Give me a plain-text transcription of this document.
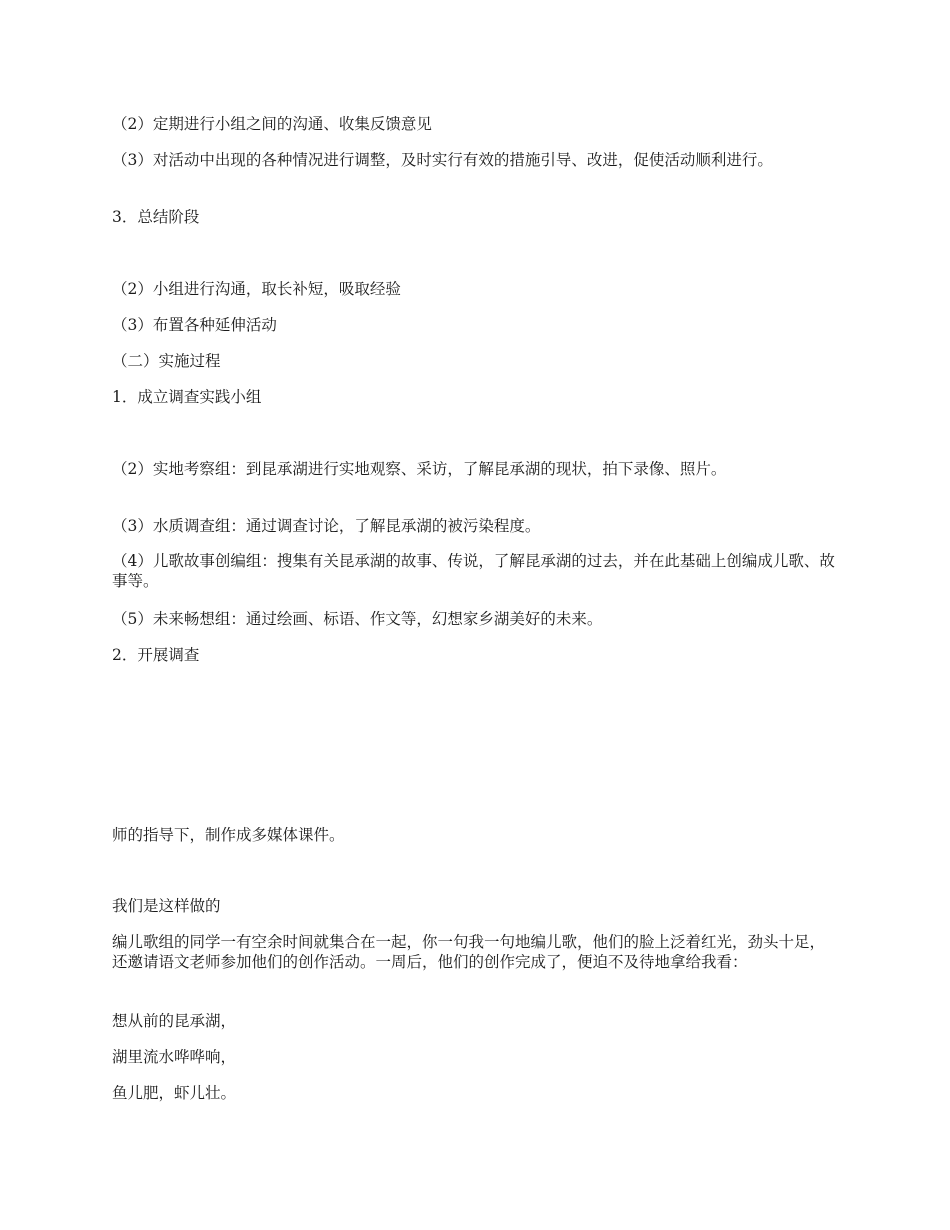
（2）定期进行小组之间的沟通、收集反馈意见

（3）对活动中出现的各种情况进行调整，及时实行有效的措施引导、改进，促使活动顺利进行。

3．总结阶段

（2）小组进行沟通，取长补短，吸取经验

（3）布置各种延伸活动

（二）实施过程

1．成立调查实践小组

（2）实地考察组：到昆承湖进行实地观察、采访，了解昆承湖的现状，拍下录像、照片。

（3）水质调查组：通过调查讨论，了解昆承湖的被污染程度。

（4）儿歌故事创编组：搜集有关昆承湖的故事、传说，了解昆承湖的过去，并在此基础上创编成儿歌、故事等。

（5）未来畅想组：通过绘画、标语、作文等，幻想家乡湖美好的未来。

2．开展调查

师的指导下，制作成多媒体课件。

我们是这样做的

编儿歌组的同学一有空余时间就集合在一起，你一句我一句地编儿歌，他们的脸上泛着红光，劲头十足，还邀请语文老师参加他们的创作活动。一周后，他们的创作完成了，便迫不及待地拿给我看：

想从前的昆承湖，

湖里流水哗哗响，

鱼儿肥，虾儿壮。
